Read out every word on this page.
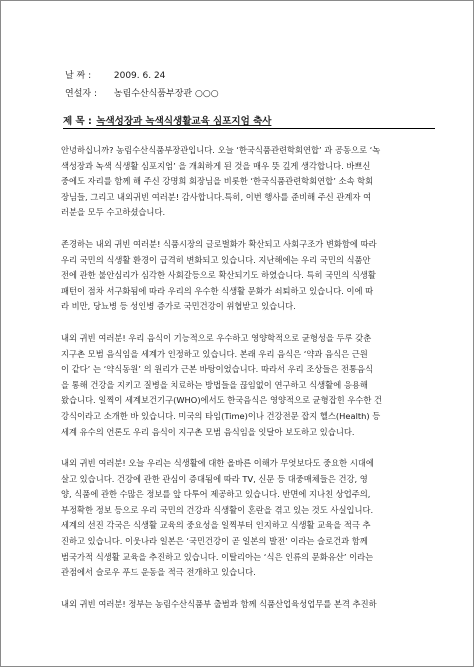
날 짜 :	2009. 6. 24
연설자 : 농림수산식품부장관 ○○○
제 목 : 녹색성장과 녹색식생활교육 심포지엄 축사
안녕하십니까? 농림수산식품부장관입니다. 오늘 ‘한국식품관련학회연합’ 과 공동으로 ‘녹
색성장과 녹색 식생활 심포지엄’ 을 개최하게 된 것을 매우 뜻 깊게 생각합니다. 바쁘신
중에도 자리를 함께 해 주신 강명희 회장님을 비롯한 ‘한국식품관련학회연합’ 소속 학회
장님들, 그리고 내외귀빈 여러분! 감사합니다.특히, 이번 행사를 준비해 주신 관계자 여
러분을 모두 수고하셨습니다.
존경하는 내외 귀빈 여러분! 식품시장의 글로벌화가 확산되고 사회구조가 변화함에 따라
우리 국민의 식생활 환경이 급격히 변화되고 있습니다. 지난해에는 우리 국민의 식품안
전에 관한 불안심리가 심각한 사회갈등으로 확산되기도 하였습니다. 특히 국민의 식생활
패턴이 점차 서구화됨에 따라 우리의 우수한 식생활 문화가 쇠퇴하고 있습니다. 이에 따
라 비만, 당뇨병 등 성인병 증가로 국민건강이 위협받고 있습니다.
내외 귀빈 여러분! 우리 음식이 기능적으로 우수하고 영양학적으로 균형성을 두루 갖춘
지구촌 모범 음식임을 세계가 인정하고 있습니다. 본래 우리 음식은 ‘약과 음식은 근원
이 같다’ 는 ‘약식동원’ 의 원리가 근본 바탕이었습니다. 따라서 우리 조상들은 전통음식
을 통해 건강을 지키고 질병을 치료하는 방법들을 끊임없이 연구하고 식생활에 응용해
왔습니다. 일찍이 세계보건기구(WHO)에서도 한국음식은 영양적으로 균형잡힌 우수한 건
강식이라고 소개한 바 있습니다. 미국의 타임(Time)이나 건강전문 잡지 헬스(Health) 등
세계 유수의 언론도 우리 음식이 지구촌 모범 음식임을 잇달아 보도하고 있습니다.
내외 귀빈 여러분! 오늘 우리는 식생활에 대한 올바른 이해가 무엇보다도 중요한 시대에
살고 있습니다. 건강에 관한 관심이 증대됨에 따라 TV, 신문 등 대중매체들은 건강, 영
양, 식품에 관한 수많은 정보를 앞 다투어 제공하고 있습니다. 반면에 지나친 상업주의,
부정확한 정보 등으로 우리 국민의 건강과 식생활이 혼란을 겪고 있는 것도 사실입니다.
세계의 선진 각국은 식생활 교육의 중요성을 일찍부터 인지하고 식생활 교육을 적극 추
진하고 있습니다. 이웃나라 일본은 ‘국민건강이 곧 일본의 발전’ 이라는 슬로건과 함께
범국가적 식생활 교육을 추진하고 있습니다. 이탈리아는 ‘식은 인류의 문화유산’ 이라는
관점에서 슬로우 푸드 운동을 적극 전개하고 있습니다.
내외 귀빈 여러분! 정부는 농림수산식품부 출범과 함께 식품산업육성업무를 본격 추진하
